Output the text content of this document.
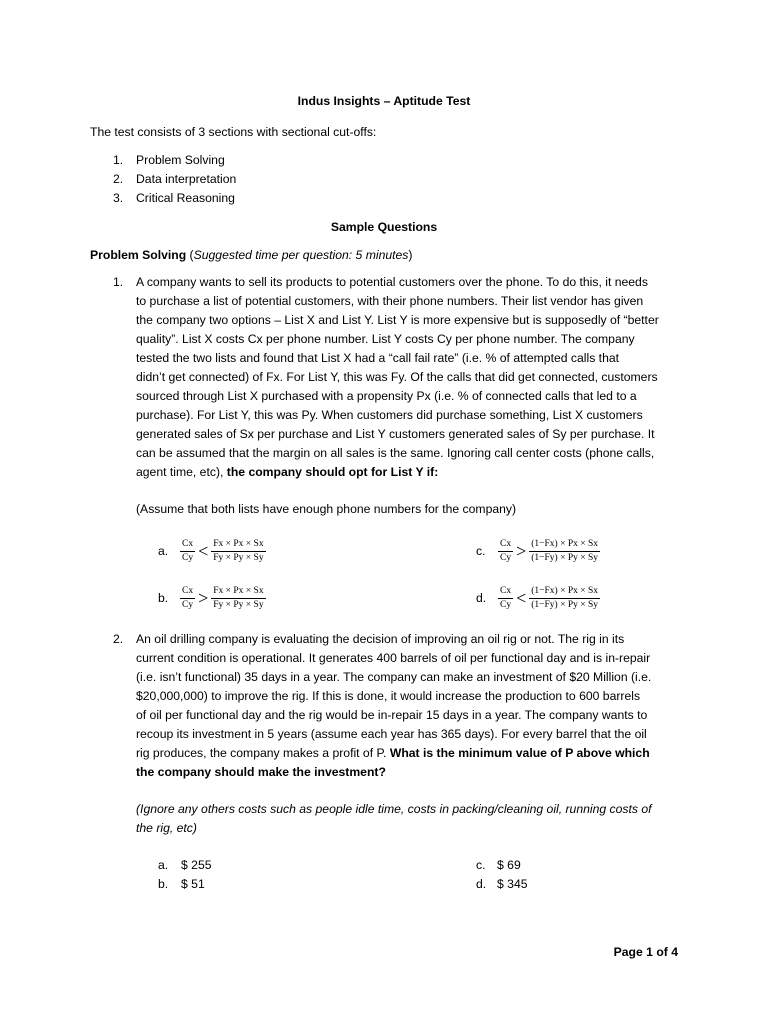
Indus Insights – Aptitude Test
The test consists of 3 sections with sectional cut-offs:
1. Problem Solving
2. Data interpretation
3. Critical Reasoning
Sample Questions
Problem Solving (Suggested time per question: 5 minutes)
1. A company wants to sell its products to potential customers over the phone. To do this, it needs
to purchase a list of potential customers, with their phone numbers. Their list vendor has given
the company two options – List X and List Y. List Y is more expensive but is supposedly of “better
quality”. List X costs Cx per phone number. List Y costs Cy per phone number. The company
tested the two lists and found that List X had a “call fail rate” (i.e. % of attempted calls that
didn’t get connected) of Fx. For List Y, this was Fy. Of the calls that did get connected, customers
sourced through List X purchased with a propensity Px (i.e. % of connected calls that led to a
purchase). For List Y, this was Py. When customers did purchase something, List X customers
generated sales of Sx per purchase and List Y customers generated sales of Sy per purchase. It
can be assumed that the margin on all sales is the same. Ignoring call center costs (phone calls,
agent time, etc), the company should opt for List Y if:
(Assume that both lists have enough phone numbers for the company)
a.	$\frac{Cx}{Cy} < \frac{Fx \times Px \times Sx}{Fy \times Py \times Sy}$
b.	$\frac{Cx}{Cy} > \frac{Fx \times Px \times Sx}{Fy \times Py \times Sy}$
c.	$\frac{Cx}{Cy} > \frac{(1-Fx) \times Px \times Sx}{(1-Fy) \times Py \times Sy}$
d.	$\frac{Cx}{Cy} < \frac{(1-Fx) \times Px \times Sx}{(1-Fy) \times Py \times Sy}$
2. An oil drilling company is evaluating the decision of improving an oil rig or not. The rig in its
current condition is operational. It generates 400 barrels of oil per functional day and is in-repair
(i.e. isn’t functional) 35 days in a year. The company can make an investment of $20 Million (i.e.
$20,000,000) to improve the rig. If this is done, it would increase the production to 600 barrels
of oil per functional day and the rig would be in-repair 15 days in a year. The company wants to
recoup its investment in 5 years (assume each year has 365 days). For every barrel that the oil
rig produces, the company makes a profit of P. What is the minimum value of P above which
the company should make the investment?
(Ignore any others costs such as people idle time, costs in packing/cleaning oil, running costs of
the rig, etc)
a. $ 255
b. $ 51
c. $ 69
d. $ 345
Page 1 of 4
